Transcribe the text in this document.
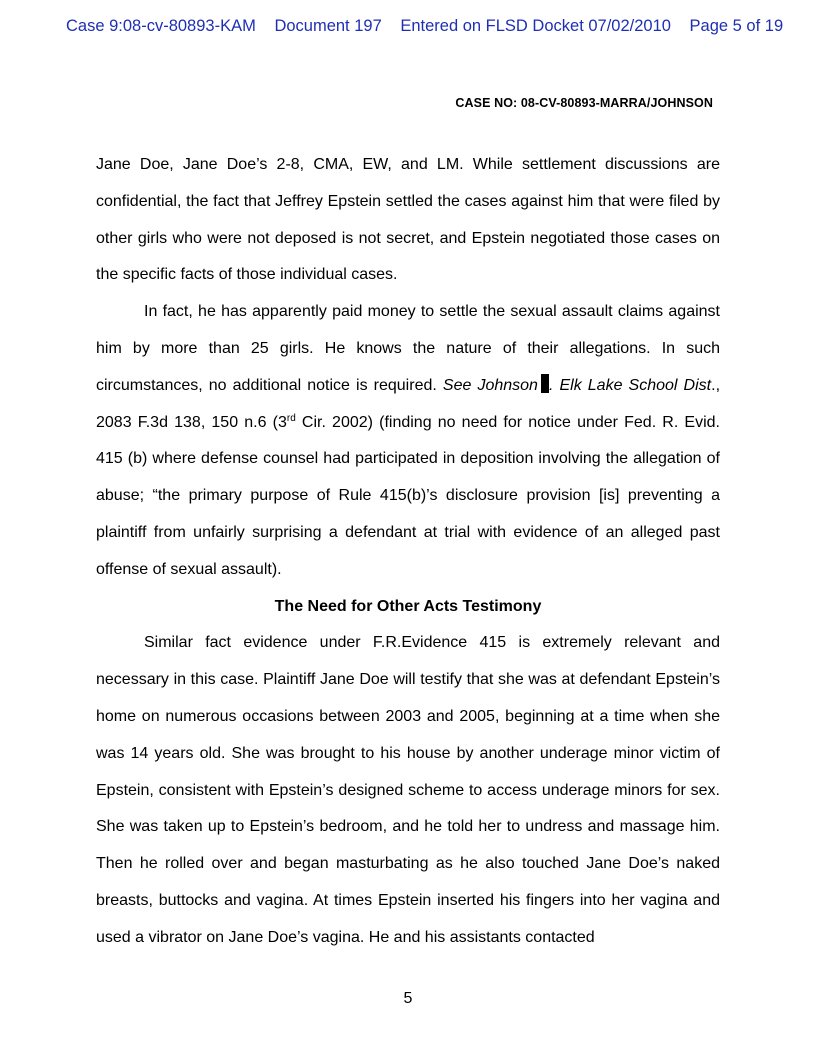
Case 9:08-cv-80893-KAM Document 197 Entered on FLSD Docket 07/02/2010 Page 5 of 19
CASE NO: 08-CV-80893-MARRA/JOHNSON

Jane Doe, Jane Doe’s 2-8, CMA, EW, and LM. While settlement discussions are confidential, the fact that Jeffrey Epstein settled the cases against him that were filed by other girls who were not deposed is not secret, and Epstein negotiated those cases on the specific facts of those individual cases.

In fact, he has apparently paid money to settle the sexual assault claims against him by more than 25 girls. He knows the nature of their allegations. In such circumstances, no additional notice is required. See Johnson . Elk Lake School Dist., 2083 F.3d 138, 150 n.6 (3rd Cir. 2002) (finding no need for notice under Fed. R. Evid. 415 (b) where defense counsel had participated in deposition involving the allegation of abuse; “the primary purpose of Rule 415(b)’s disclosure provision [is] preventing a plaintiff from unfairly surprising a defendant at trial with evidence of an alleged past offense of sexual assault).

The Need for Other Acts Testimony

Similar fact evidence under F.R.Evidence 415 is extremely relevant and necessary in this case. Plaintiff Jane Doe will testify that she was at defendant Epstein’s home on numerous occasions between 2003 and 2005, beginning at a time when she was 14 years old. She was brought to his house by another underage minor victim of Epstein, consistent with Epstein’s designed scheme to access underage minors for sex. She was taken up to Epstein’s bedroom, and he told her to undress and massage him. Then he rolled over and began masturbating as he also touched Jane Doe’s naked breasts, buttocks and vagina. At times Epstein inserted his fingers into her vagina and used a vibrator on Jane Doe’s vagina. He and his assistants contacted

5
